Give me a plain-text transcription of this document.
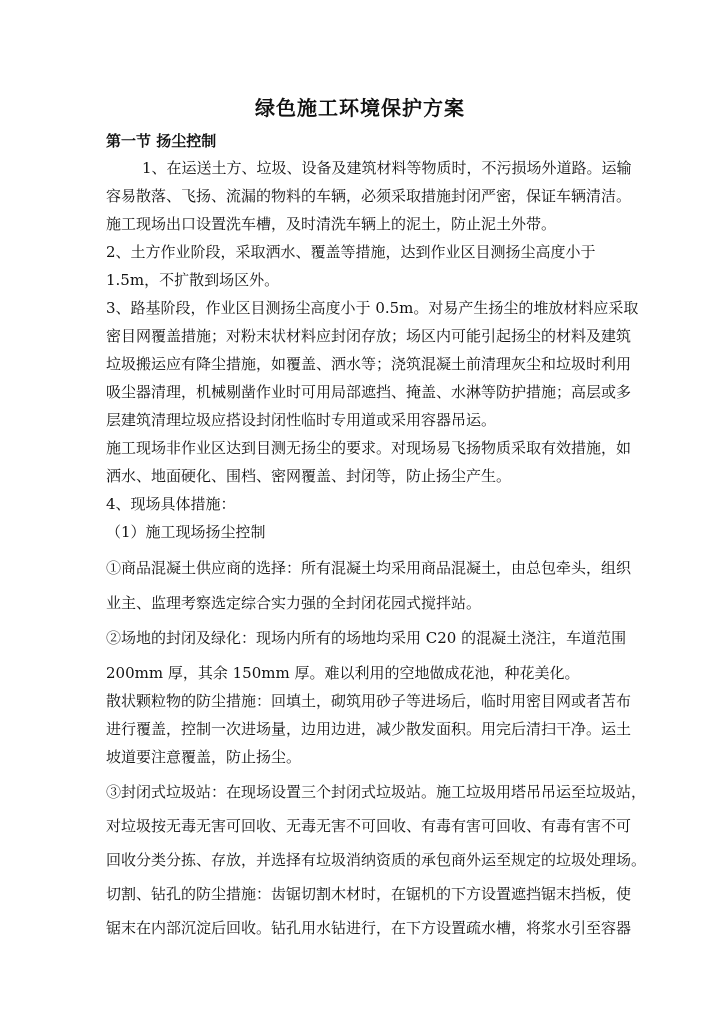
绿色施工环境保护方案
第一节 扬尘控制
1、在运送土方、垃圾、设备及建筑材料等物质时，不污损场外道路。运输
容易散落、飞扬、流漏的物料的车辆，必须采取措施封闭严密，保证车辆清洁。
施工现场出口设置洗车槽，及时清洗车辆上的泥土，防止泥土外带。
2、土方作业阶段，采取洒水、覆盖等措施，达到作业区目测扬尘高度小于
1.5m，不扩散到场区外。
3、路基阶段，作业区目测扬尘高度小于 0.5m。对易产生扬尘的堆放材料应采取
密目网覆盖措施；对粉末状材料应封闭存放；场区内可能引起扬尘的材料及建筑
垃圾搬运应有降尘措施，如覆盖、洒水等；浇筑混凝土前清理灰尘和垃圾时利用
吸尘器清理，机械剔凿作业时可用局部遮挡、掩盖、水淋等防护措施；高层或多
层建筑清理垃圾应搭设封闭性临时专用道或采用容器吊运。
施工现场非作业区达到目测无扬尘的要求。对现场易飞扬物质采取有效措施，如
洒水、地面硬化、围档、密网覆盖、封闭等，防止扬尘产生。
4、现场具体措施：
（1）施工现场扬尘控制
①商品混凝土供应商的选择：所有混凝土均采用商品混凝土，由总包牵头，组织
业主、监理考察选定综合实力强的全封闭花园式搅拌站。
②场地的封闭及绿化：现场内所有的场地均采用 C20 的混凝土浇注，车道范围
200mm 厚，其余 150mm 厚。难以利用的空地做成花池，种花美化。
散状颗粒物的防尘措施：回填土，砌筑用砂子等进场后，临时用密目网或者苫布
进行覆盖，控制一次进场量，边用边进，减少散发面积。用完后清扫干净。运土
坡道要注意覆盖，防止扬尘。
③封闭式垃圾站：在现场设置三个封闭式垃圾站。施工垃圾用塔吊吊运至垃圾站，
对垃圾按无毒无害可回收、无毒无害不可回收、有毒有害可回收、有毒有害不可
回收分类分拣、存放，并选择有垃圾消纳资质的承包商外运至规定的垃圾处理场。
切割、钻孔的防尘措施：齿锯切割木材时，在锯机的下方设置遮挡锯末挡板，使
锯末在内部沉淀后回收。钻孔用水钻进行，在下方设置疏水槽，将浆水引至容器
